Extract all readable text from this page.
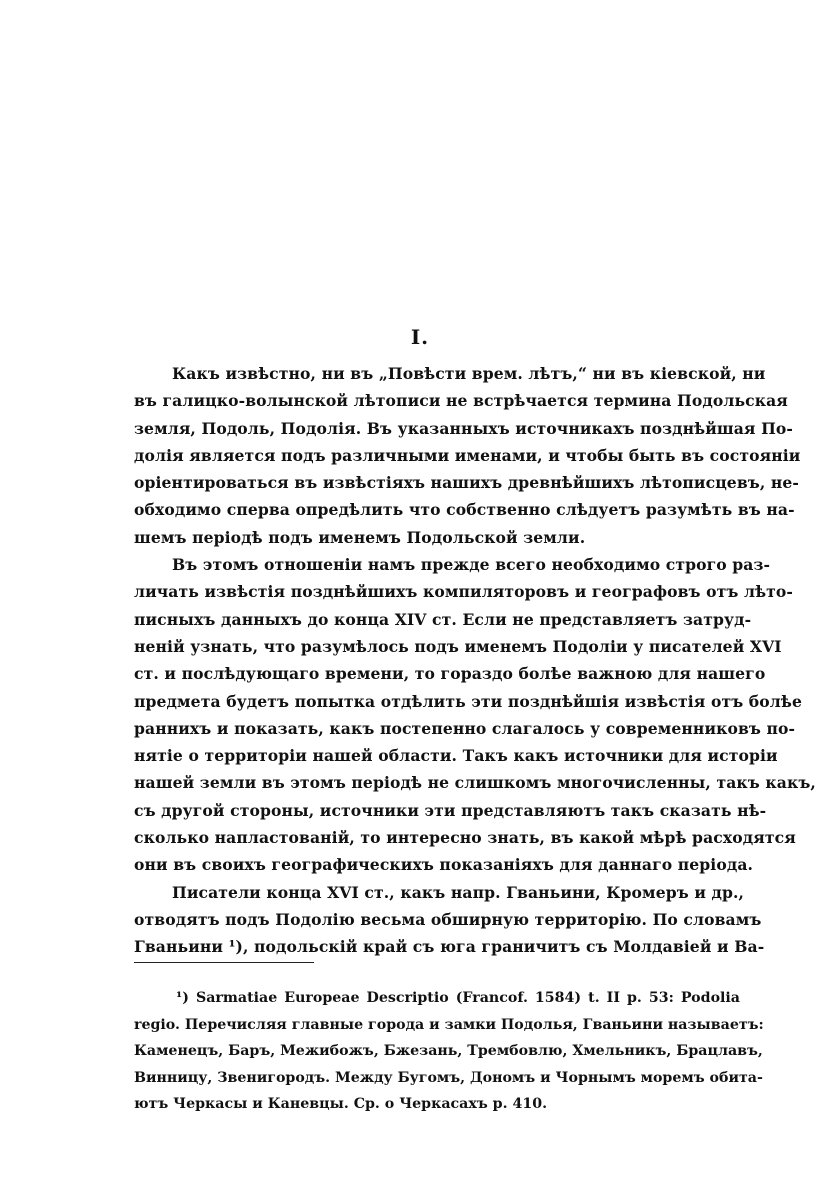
I.
Какъ извѣстно, ни въ „Повѣсти врем. лѣтъ,“ ни въ кіевской, ни
въ галицко-волынской лѣтописи не встрѣчается термина Подольская
земля, Подоль, Подолія. Въ указанныхъ источникахъ позднѣйшая По-
долія является подъ различными именами, и чтобы быть въ состояніи
оріентироваться въ извѣстіяхъ нашихъ древнѣйшихъ лѣтописцевъ, не-
обходимо сперва опредѣлить что собственно слѣдуетъ разумѣть въ на-
шемъ періодѣ подъ именемъ Подольской земли.
Въ этомъ отношеніи намъ прежде всего необходимо строго раз-
личать извѣстія позднѣйшихъ компиляторовъ и географовъ отъ лѣто-
писныхъ данныхъ до конца XIV ст. Если не представляетъ затруд-
неній узнать, что разумѣлось подъ именемъ Подоліи у писателей XVI
ст. и послѣдующаго времени, то гораздо болѣе важною для нашего
предмета будетъ попытка отдѣлить эти позднѣйшія извѣстія отъ болѣе
раннихъ и показать, какъ постепенно слагалось у современниковъ по-
нятіе о территоріи нашей области. Такъ какъ источники для исторіи
нашей земли въ этомъ періодѣ не слишкомъ многочисленны, такъ какъ,
съ другой стороны, источники эти представляютъ такъ сказать нѣ-
сколько напластованій, то интересно знать, въ какой мѣрѣ расходятся
они въ своихъ географическихъ показаніяхъ для даннаго періода.
Писатели конца XVI ст., какъ напр. Гваньини, Кромеръ и др.,
отводятъ подъ Подолію весьма обширную территорію. По словамъ
Гваньини ¹), подольскій край съ юга граничитъ съ Молдавіей и Ва-
¹) Sarmatiae Europeae Descriptio (Francof. 1584) t. II p. 53: Podolia
regio. Перечисляя главные города и замки Подолья, Гваньини называетъ:
Каменецъ, Баръ, Межибожъ, Бжезань, Трембовлю, Хмельникъ, Брацлавъ,
Винницу, Звенигородъ. Между Бугомъ, Дономъ и Чорнымъ моремъ обита-
ютъ Черкасы и Каневцы. Ср. о Черкасахъ р. 410.
